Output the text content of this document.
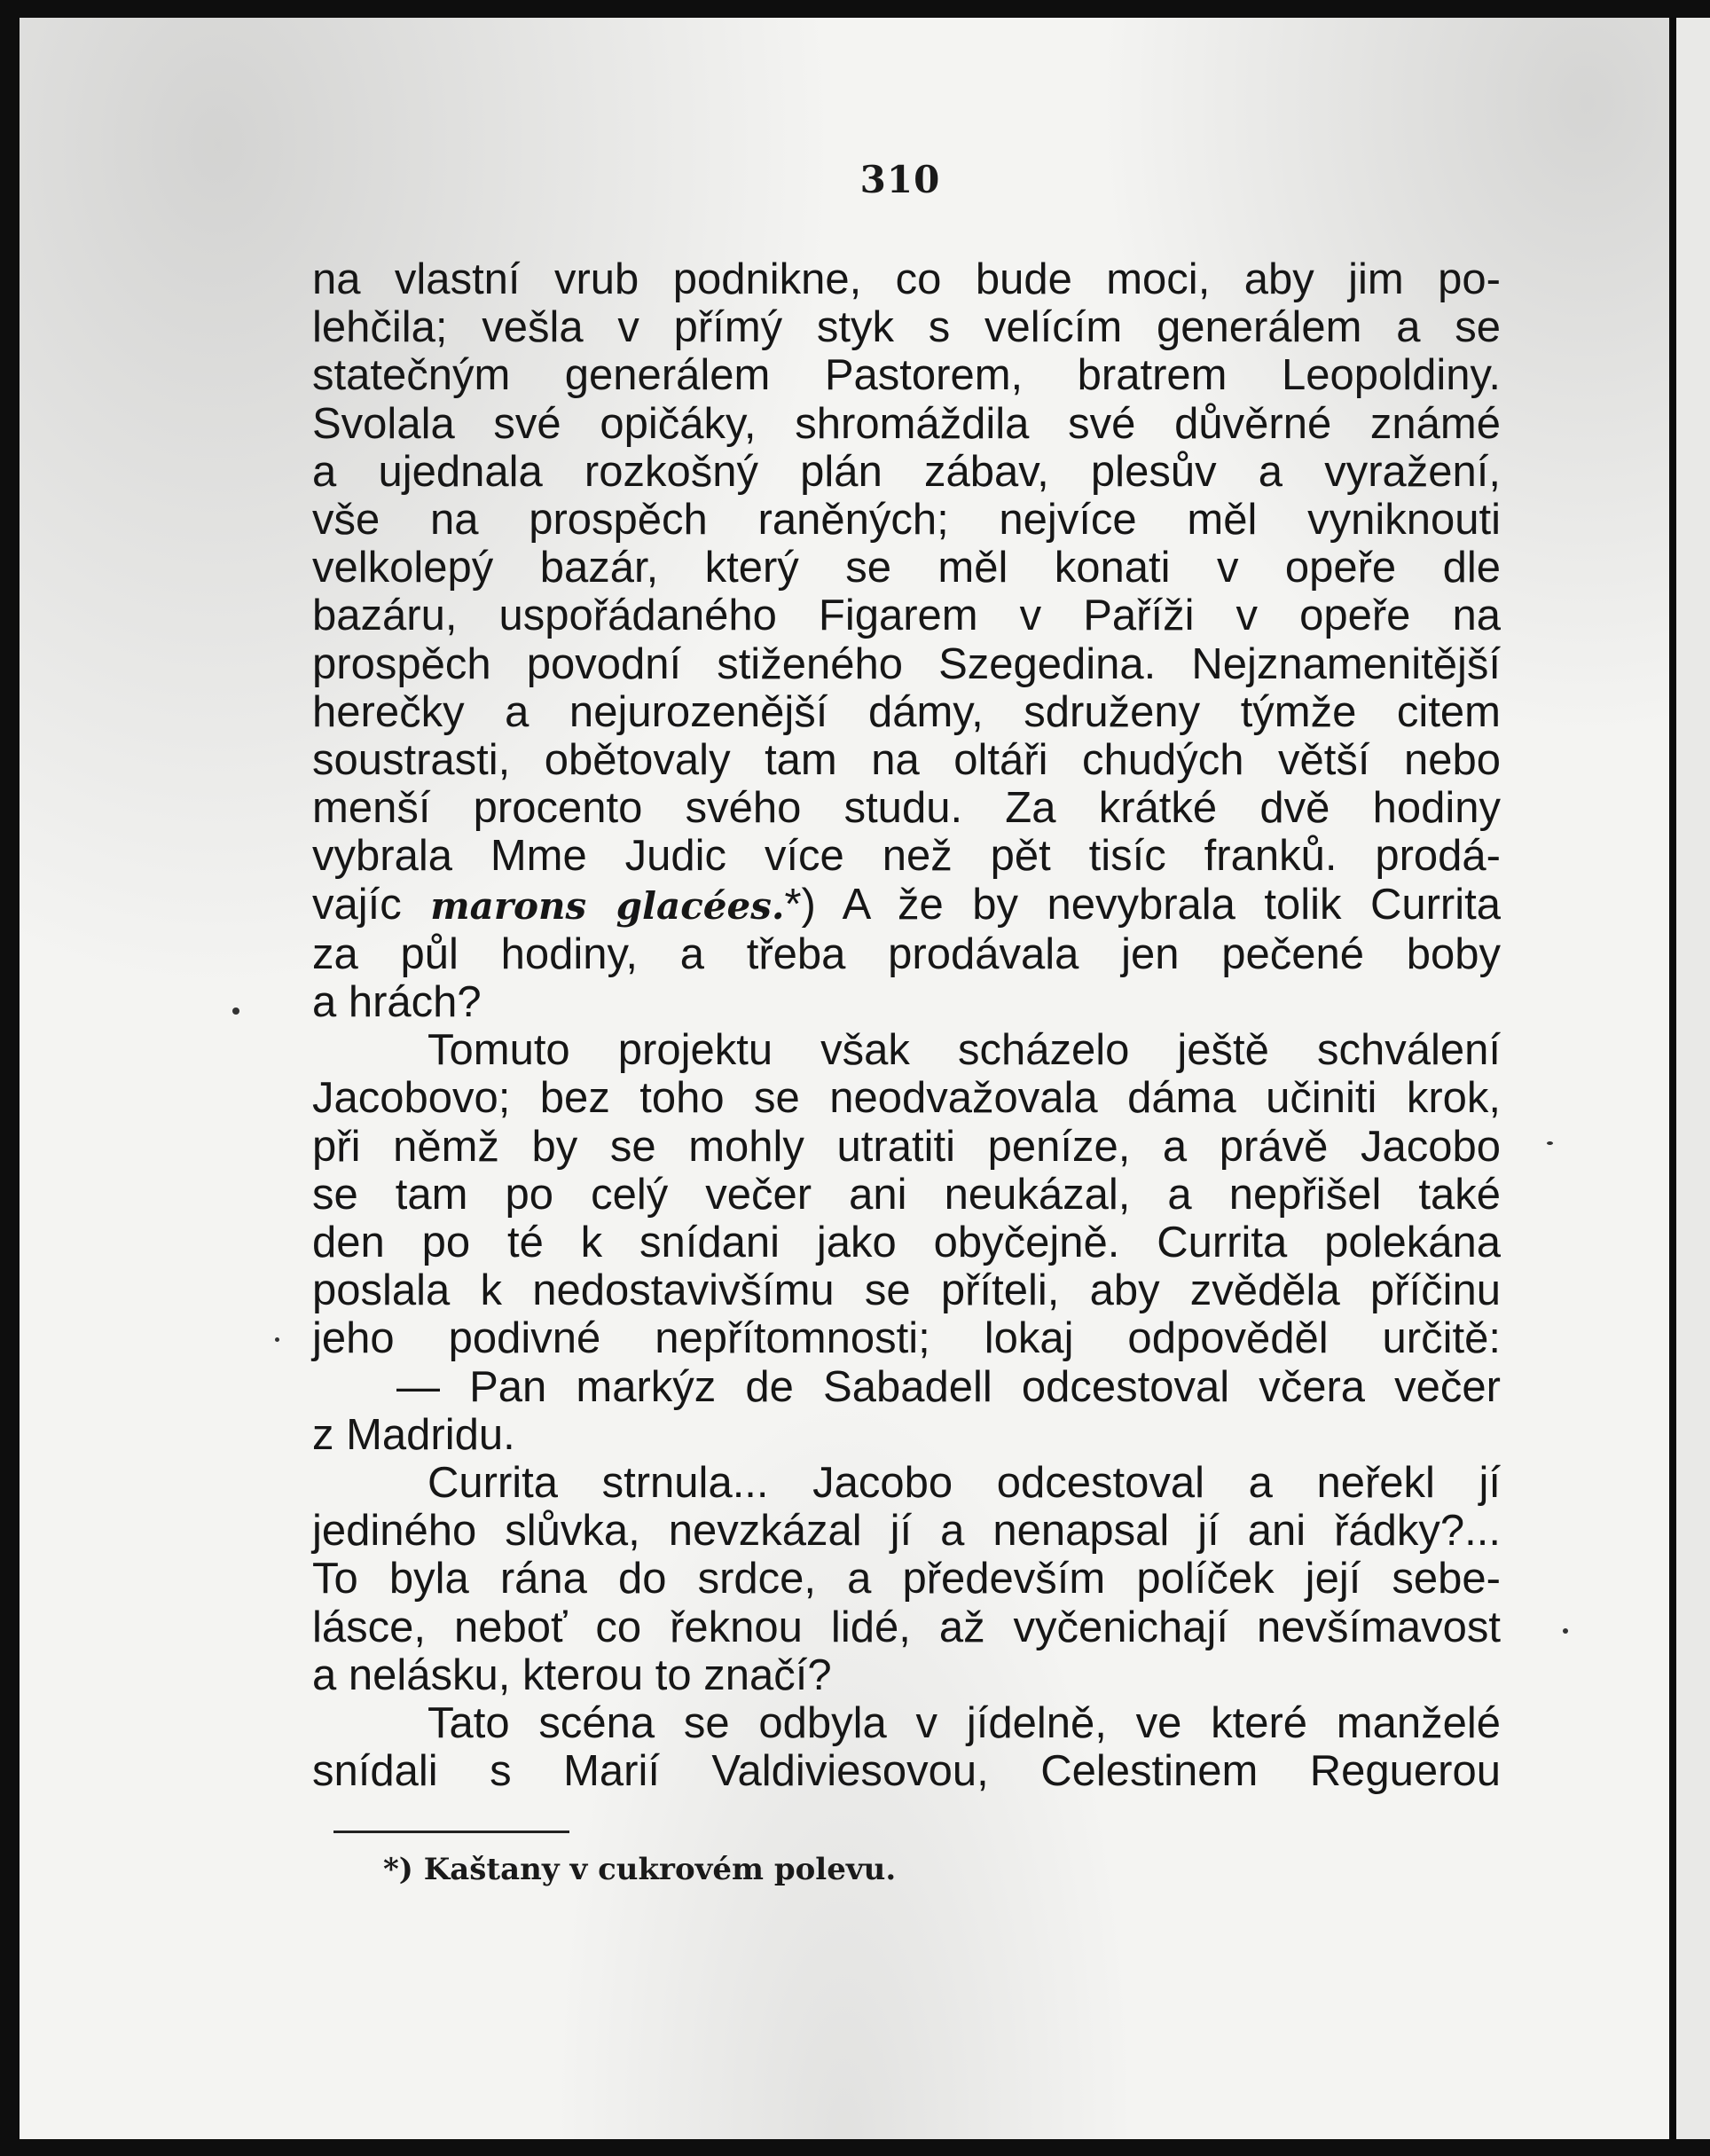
310
na vlastní vrub podnikne, co bude moci, aby jim po-
lehčila; vešla v přímý styk s velícím generálem a se
statečným generálem Pastorem, bratrem Leopoldiny.
Svolala své opičáky, shromáždila své důvěrné známé
a ujednala rozkošný plán zábav, plesův a vyražení,
vše na prospěch raněných; nejvíce měl vyniknouti
velkolepý bazár, který se měl konati v opeře dle
bazáru, uspořádaného Figarem v Paříži v opeře na
prospěch povodní stiženého Szegedina. Nejznamenitější
herečky a nejurozenější dámy, sdruženy týmže citem
soustrasti, obětovaly tam na oltáři chudých větší nebo
menší procento svého studu. Za krátké dvě hodiny
vybrala Mme Judic více než pět tisíc franků. prodá-
vajíc marons glacées.*) A že by nevybrala tolik Currita
za půl hodiny, a třeba prodávala jen pečené boby
a hrách?
Tomuto projektu však scházelo ještě schválení
Jacobovo; bez toho se neodvažovala dáma učiniti krok,
při němž by se mohly utratiti peníze, a právě Jacobo
se tam po celý večer ani neukázal, a nepřišel také
den po té k snídani jako obyčejně. Currita polekána
poslala k nedostavivšímu se příteli, aby zvěděla příčinu
jeho podivné nepřítomnosti; lokaj odpověděl určitě:
— Pan markýz de Sabadell odcestoval včera večer
z Madridu.
Currita strnula... Jacobo odcestoval a neřekl jí
jediného slůvka, nevzkázal jí a nenapsal jí ani řádky?...
To byla rána do srdce, a především políček její sebe-
lásce, neboť co řeknou lidé, až vyčenichají nevšímavost
a nelásku, kterou to značí?
Tato scéna se odbyla v jídelně, ve které manželé
snídali s Marií Valdiviesovou, Celestinem Reguerou
*) Kaštany v cukrovém polevu.
